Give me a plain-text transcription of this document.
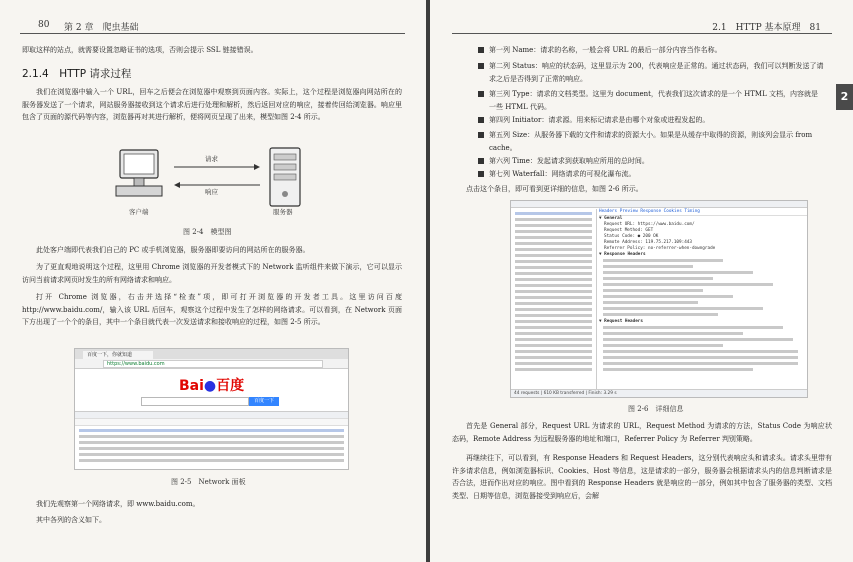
80 第 2 章　爬虫基础
即取这样的站点，就需要设置忽略证书的选项，否则会提示 SSL 链接错误。
2.1.4　HTTP 请求过程
我们在浏览器中输入一个 URL，回车之后便会在浏览器中观察到页面内容。实际上，这个过程是浏览器向网站所在的服务器发送了一个请求，网站服务器接收到这个请求后进行处理和解析，然后返回对应的响应，接着传回给浏览器。响应里包含了页面的源代码等内容，浏览器再对其进行解析，便将网页呈现了出来，模型如图 2-4 所示。
请求
响应
客户端	服务器
图 2-4　模型图
此处客户端即代表我们自己的 PC 或手机浏览器，服务器即要访问的网站所在的服务器。
为了更直观地说明这个过程，这里用 Chrome 浏览器的开发者模式下的 Network 监听组件来做下演示，它可以显示访问当前请求网页时发生的所有网络请求和响应。
打开 Chrome 浏览器，右击并选择“检查”项，即可打开浏览器的开发者工具。这里访问百度 http://www.baidu.com/，输入该 URL 后回车，观察这个过程中发生了怎样的网络请求。可以看到，在 Network 页面下方出现了一个个的条目，其中一个条目就代表一次发送请求和接收响应的过程，如图 2-5 所示。
百度一下，你就知道
https://www.baidu.com
Bai●百度
百度一下
图 2-5　Network 面板
我们先观察第一个网络请求，即 www.baidu.com。
其中各列的含义如下。
2.1　HTTP 基本原理　81
2
第一列 Name：请求的名称，一般会将 URL 的最后一部分内容当作名称。
第二列 Status：响应的状态码，这里显示为 200，代表响应是正常的。通过状态码，我们可以判断发送了请求之后是否得到了正常的响应。
第三列 Type：请求的文档类型。这里为 document，代表我们这次请求的是一个 HTML 文档，内容就是一些 HTML 代码。
第四列 Initiator：请求源。用来标记请求是由哪个对象或进程发起的。
第五列 Size：从服务器下载的文件和请求的资源大小。如果是从缓存中取得的资源，则该列会显示 from cache。
第六列 Time：发起请求到获取响应所用的总时间。
第七列 Waterfall：网络请求的可视化瀑布流。
点击这个条目，即可看到更详细的信息，如图 2-6 所示。
Headers Preview Response Cookies Timing
▼ General
Request URL: https://www.baidu.com/
Request Method: GET
Status Code: ● 200 OK
Remote Address: 119.75.217.109:443
Referrer Policy: no-referrer-when-downgrade
▼ Response Headers
▼ Request Headers
44 requests | 610 KB transferred | Finish: 3.29 s
图 2-6　详细信息
首先是 General 部分，Request URL 为请求的 URL，Request Method 为请求的方法，Status Code 为响应状态码，Remote Address 为远程服务器的地址和端口，Referrer Policy 为 Referrer 判别策略。
再继续往下，可以看到，有 Response Headers 和 Request Headers，这分别代表响应头和请求头。请求头里带有许多请求信息，例如浏览器标识、Cookies、Host 等信息，这是请求的一部分，服务器会根据请求头内的信息判断请求是否合法，进而作出对应的响应。图中看到的 Response Headers 就是响应的一部分，例如其中包含了服务器的类型、文档类型、日期等信息，浏览器接受到响应后，会解
